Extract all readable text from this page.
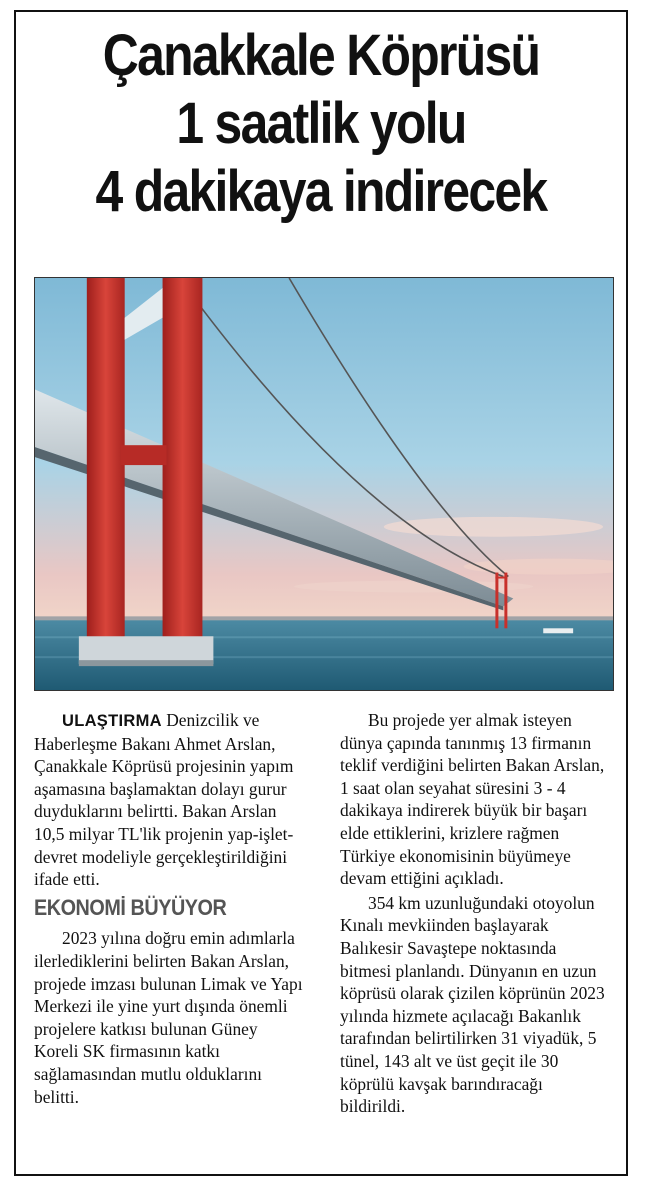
Çanakkale Köprüsü
1 saatlik yolu
4 dakikaya indirecek

ULAŞTIRMA Denizcilik ve Haberleşme Bakanı Ahmet Arslan, Çanakkale Köprüsü projesinin yapım aşamasına başlamaktan dolayı gurur duyduklarını belirtti. Bakan Arslan 10,5 milyar TL'lik projenin yap-işlet-devret modeliyle gerçekleştirildiğini ifade etti.

EKONOMİ BÜYÜYOR

2023 yılına doğru emin adımlarla ilerlediklerini belirten Bakan Arslan, projede imzası bulunan Limak ve Yapı Merkezi ile yine yurt dışında önemli projelere katkısı bulunan Güney Koreli SK firmasının katkı sağlamasından mutlu olduklarını belitti.

Bu projede yer almak isteyen dünya çapında tanınmış 13 firmanın teklif verdiğini belirten Bakan Arslan, 1 saat olan seyahat süresini 3 - 4 dakikaya indirerek büyük bir başarı elde ettiklerini, krizlere rağmen Türkiye ekonomisinin büyümeye devam ettiğini açıkladı.

354 km uzunluğundaki otoyolun Kınalı mevkiinden başlayarak Balıkesir Savaştepe noktasında bitmesi planlandı. Dünyanın en uzun köprüsü olarak çizilen köprünün 2023 yılında hizmete açılacağı Bakanlık tarafından belirtilirken 31 viyadük, 5 tünel, 143 alt ve üst geçit ile 30 köprülü kavşak barındıracağı bildirildi.
